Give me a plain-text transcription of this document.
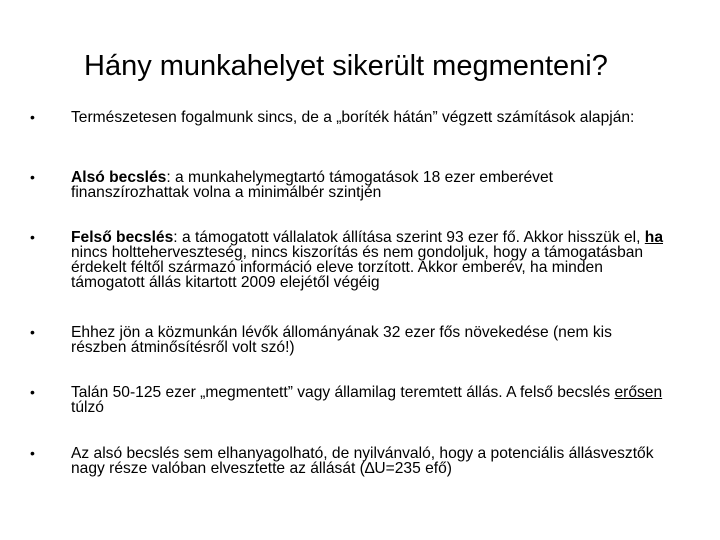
Hány munkahelyet sikerült megmenteni?
• Természetesen fogalmunk sincs, de a „boríték hátán” végzett számítások alapján:
• Alsó becslés: a munkahelymegtartó támogatások 18 ezer emberévet finanszírozhattak volna a minimálbér szintjén
• Felső becslés: a támogatott vállalatok állítása szerint 93 ezer fő. Akkor hisszük el, ha nincs holtteherveszteség, nincs kiszorítás és nem gondoljuk, hogy a támogatásban érdekelt féltől származó információ eleve torzított. Akkor emberév, ha minden támogatott állás kitartott 2009 elejétől végéig
• Ehhez jön a közmunkán lévők állományának 32 ezer fős növekedése (nem kis részben átminősítésről volt szó!)
• Talán 50-125 ezer „megmentett” vagy államilag teremtett állás. A felső becslés erősen túlzó
• Az alsó becslés sem elhanyagolható, de nyilvánvaló, hogy a potenciális állásvesztők nagy része valóban elvesztette az állását (∆U=235 efő)
